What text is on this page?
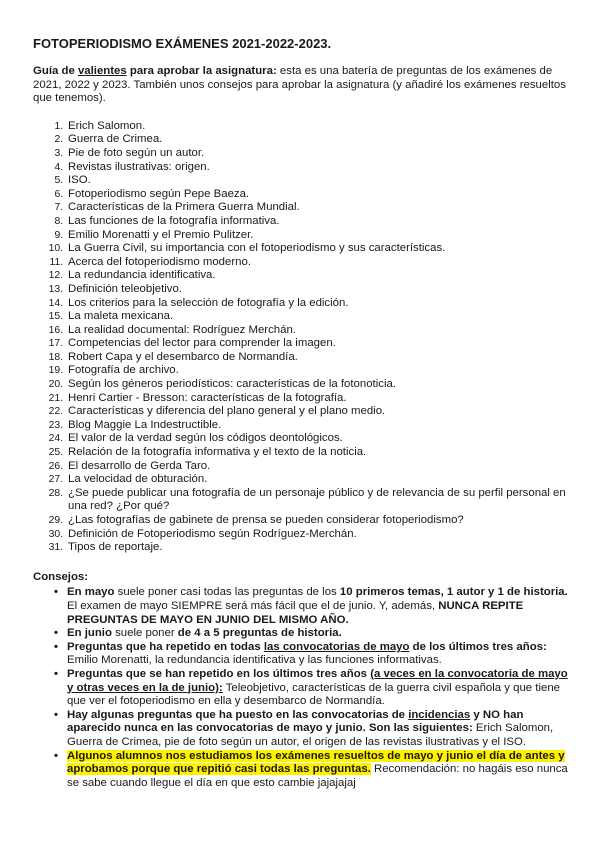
FOTOPERIODISMO EXÁMENES 2021-2022-2023.

Guía de valientes para aprobar la asignatura: esta es una batería de preguntas de los exámenes de 2021, 2022 y 2023. También unos consejos para aprobar la asignatura (y añadiré los exámenes resueltos que tenemos).

1. Erich Salomon.
2. Guerra de Crimea.
3. Pie de foto según un autor.
4. Revistas ilustrativas: origen.
5. ISO.
6. Fotoperiodismo según Pepe Baeza.
7. Características de la Primera Guerra Mundial.
8. Las funciones de la fotografía informativa.
9. Emilio Morenatti y el Premio Pulitzer.
10. La Guerra Civil, su importancia con el fotoperiodismo y sus características.
11. Acerca del fotoperiodismo moderno.
12. La redundancia identificativa.
13. Definición teleobjetivo.
14. Los criterios para la selección de fotografía y la edición.
15. La maleta mexicana.
16. La realidad documental: Rodríguez Merchán.
17. Competencias del lector para comprender la imagen.
18. Robert Capa y el desembarco de Normandía.
19. Fotografía de archivo.
20. Según los géneros periodísticos: características de la fotonoticia.
21. Henri Cartier - Bresson: características de la fotografía.
22. Características y diferencia del plano general y el plano medio.
23. Blog Maggie La Indestructible.
24. El valor de la verdad según los códigos deontológicos.
25. Relación de la fotografía informativa y el texto de la noticia.
26. El desarrollo de Gerda Taro.
27. La velocidad de obturación.
28. ¿Se puede publicar una fotografía de un personaje público y de relevancia de su perfil personal en una red? ¿Por qué?
29. ¿Las fotografías de gabinete de prensa se pueden considerar fotoperiodismo?
30. Definición de Fotoperiodismo según Rodríguez-Merchán.
31. Tipos de reportaje.
Consejos:
• En mayo suele poner casi todas las preguntas de los 10 primeros temas, 1 autor y 1 de historia. El examen de mayo SIEMPRE será más fácil que el de junio. Y, además, NUNCA REPITE PREGUNTAS DE MAYO EN JUNIO DEL MISMO AÑO.
• En junio suele poner de 4 a 5 preguntas de historia.
• Preguntas que ha repetido en todas las convocatorias de mayo de los últimos tres años: Emilio Morenatti, la redundancia identificativa y las funciones informativas.
• Preguntas que se han repetido en los últimos tres años (a veces en la convocatoria de mayo y otras veces en la de junio): Teleobjetivo, características de la guerra civil española y que tiene que ver el fotoperiodismo en ella y desembarco de Normandía.
• Hay algunas preguntas que ha puesto en las convocatorias de incidencias y NO han aparecido nunca en las convocatorias de mayo y junio. Son las siguientes: Erich Salomon, Guerra de Crimea, pie de foto según un autor, el origen de las revistas ilustrativas y el ISO.
• Algunos alumnos nos estudiamos los exámenes resueltos de mayo y junio el día de antes y aprobamos porque que repitió casi todas las preguntas. Recomendación: no hagáis eso nunca se sabe cuando llegue el día en que esto cambie jajajajaj
